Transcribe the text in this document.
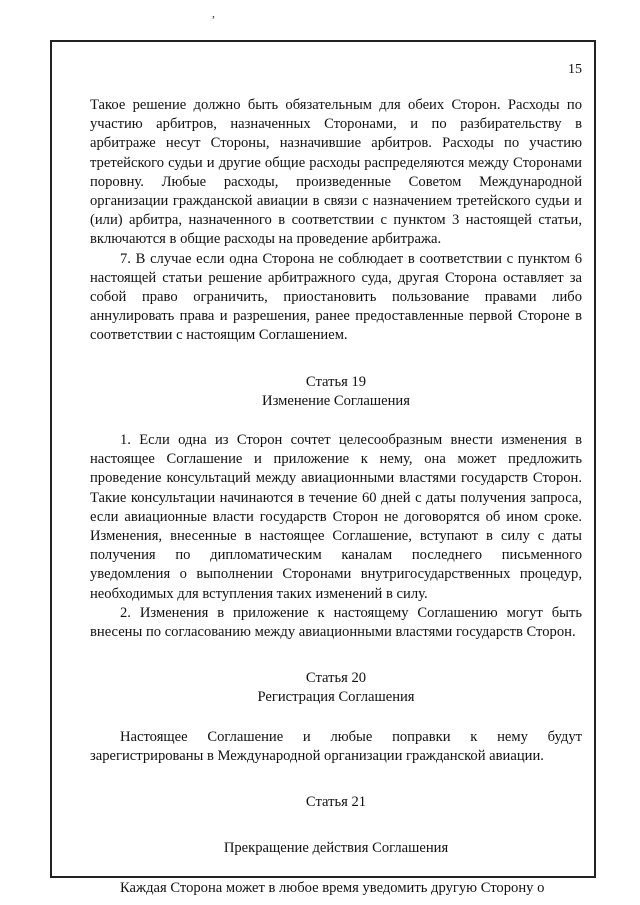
,
15

Такое решение должно быть обязательным для обеих Сторон. Расходы по участию арбитров, назначенных Сторонами, и по разбирательству в арбитраже несут Стороны, назначившие арбитров. Расходы по участию третейского судьи и другие общие расходы распределяются между Сторонами поровну. Любые расходы, произведенные Советом Международной организации гражданской авиации в связи с назначением третейского судьи и (или) арбитра, назначенного в соответствии с пунктом 3 настоящей статьи, включаются в общие расходы на проведение арбитража.

7. В случае если одна Сторона не соблюдает в соответствии с пунктом 6 настоящей статьи решение арбитражного суда, другая Сторона оставляет за собой право ограничить, приостановить пользование правами либо аннулировать права и разрешения, ранее предоставленные первой Стороне в соответствии с настоящим Соглашением.

Статья 19

Изменение Соглашения

1. Если одна из Сторон сочтет целесообразным внести изменения в настоящее Соглашение и приложение к нему, она может предложить проведение консультаций между авиационными властями государств Сторон. Такие консультации начинаются в течение 60 дней с даты получения запроса, если авиационные власти государств Сторон не договорятся об ином сроке. Изменения, внесенные в настоящее Соглашение, вступают в силу с даты получения по дипломатическим каналам последнего письменного уведомления о выполнении Сторонами внутригосударственных процедур, необходимых для вступления таких изменений в силу.

2. Изменения в приложение к настоящему Соглашению могут быть внесены по согласованию между авиационными властями государств Сторон.

Статья 20

Регистрация Соглашения

Настоящее Соглашение и любые поправки к нему будут зарегистрированы в Международной организации гражданской авиации.

Статья 21

Прекращение действия Соглашения

Каждая Сторона может в любое время уведомить другую Сторону о
